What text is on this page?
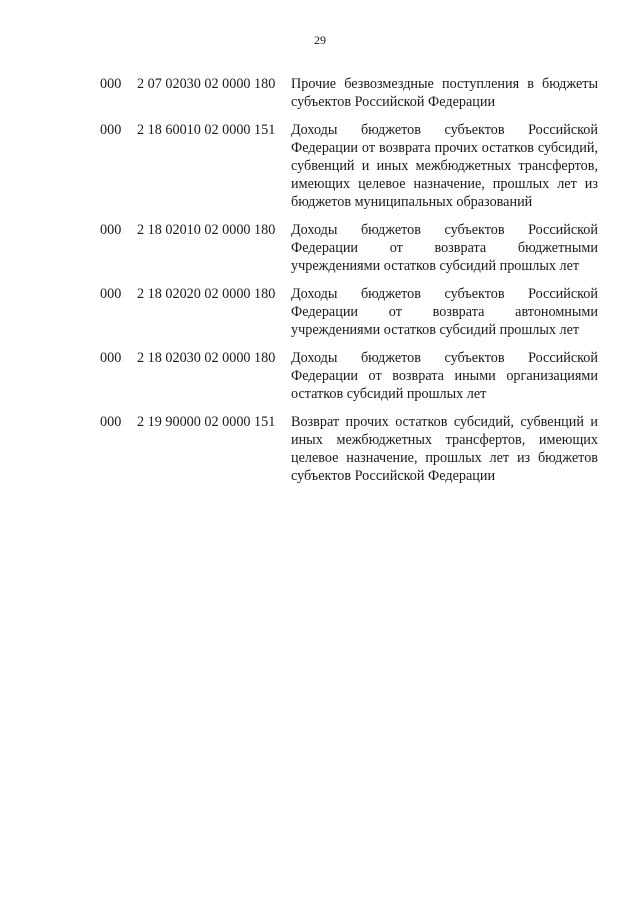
29
000 2 07 02030 02 0000 180 Прочие безвозмездные поступления в бюджеты субъектов Российской Федерации
000 2 18 60010 02 0000 151 Доходы бюджетов субъектов Российской Федерации от возврата прочих остатков субсидий, субвенций и иных межбюджетных трансфертов, имеющих целевое назначение, прошлых лет из бюджетов муниципальных образований
000 2 18 02010 02 0000 180 Доходы бюджетов субъектов Российской Федерации от возврата бюджетными учреждениями остатков субсидий прошлых лет
000 2 18 02020 02 0000 180 Доходы бюджетов субъектов Российской Федерации от возврата автономными учреждениями остатков субсидий прошлых лет
000 2 18 02030 02 0000 180 Доходы бюджетов субъектов Российской Федерации от возврата иными организациями остатков субсидий прошлых лет
000 2 19 90000 02 0000 151 Возврат прочих остатков субсидий, субвенций и иных межбюджетных трансфертов, имеющих целевое назначение, прошлых лет из бюджетов субъектов Российской Федерации
